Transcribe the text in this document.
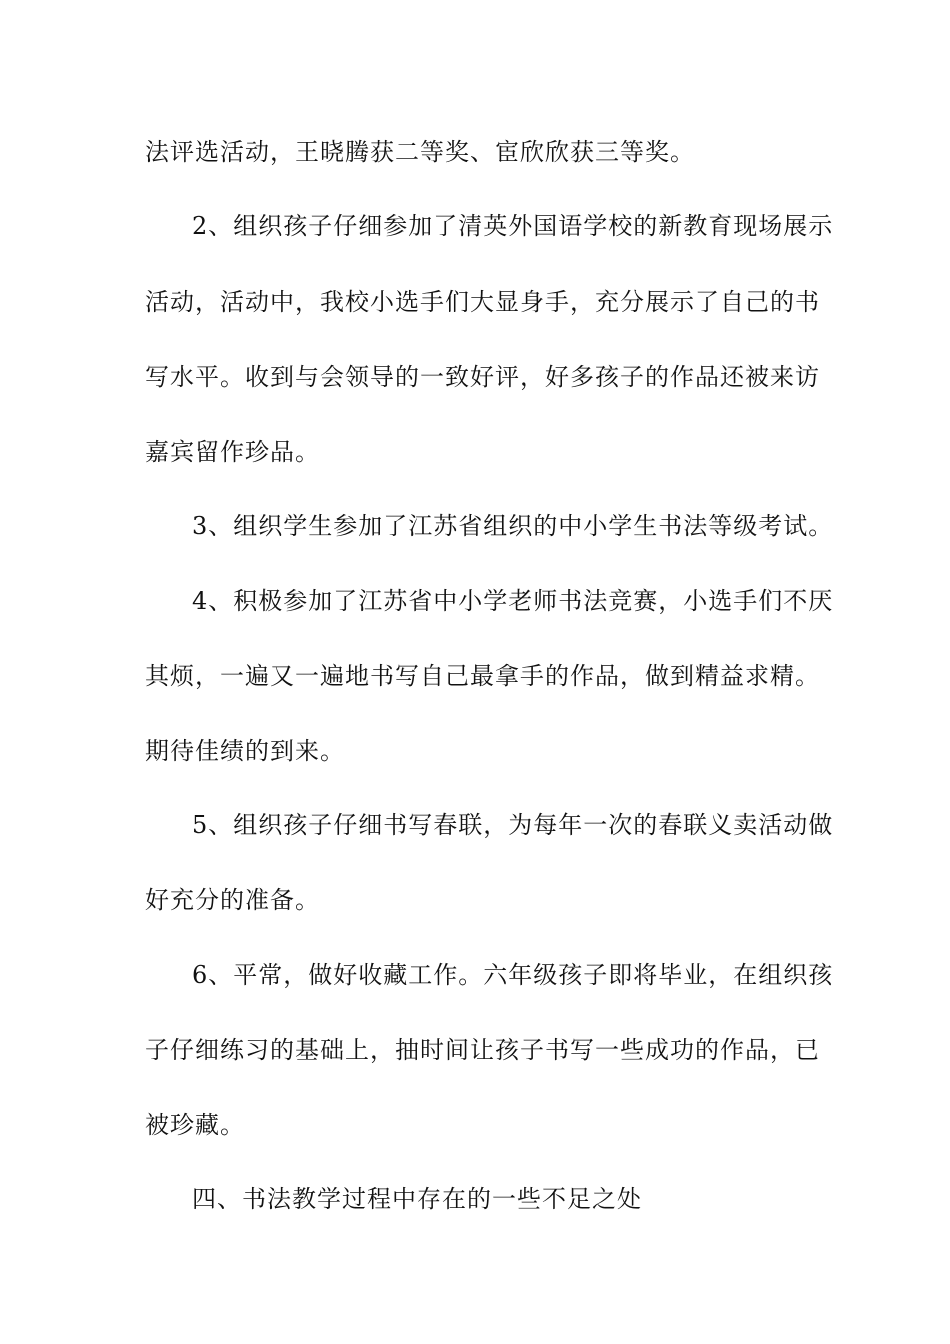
法评选活动，王晓腾获二等奖、宦欣欣获三等奖。
2、组织孩子仔细参加了清英外国语学校的新教育现场展示
活动，活动中，我校小选手们大显身手，充分展示了自己的书
写水平。收到与会领导的一致好评，好多孩子的作品还被来访
嘉宾留作珍品。
3、组织学生参加了江苏省组织的中小学生书法等级考试。
4、积极参加了江苏省中小学老师书法竞赛，小选手们不厌
其烦，一遍又一遍地书写自己最拿手的作品，做到精益求精。
期待佳绩的到来。
5、组织孩子仔细书写春联，为每年一次的春联义卖活动做
好充分的准备。
6、平常，做好收藏工作。六年级孩子即将毕业，在组织孩
子仔细练习的基础上，抽时间让孩子书写一些成功的作品，已
被珍藏。
四、书法教学过程中存在的一些不足之处
